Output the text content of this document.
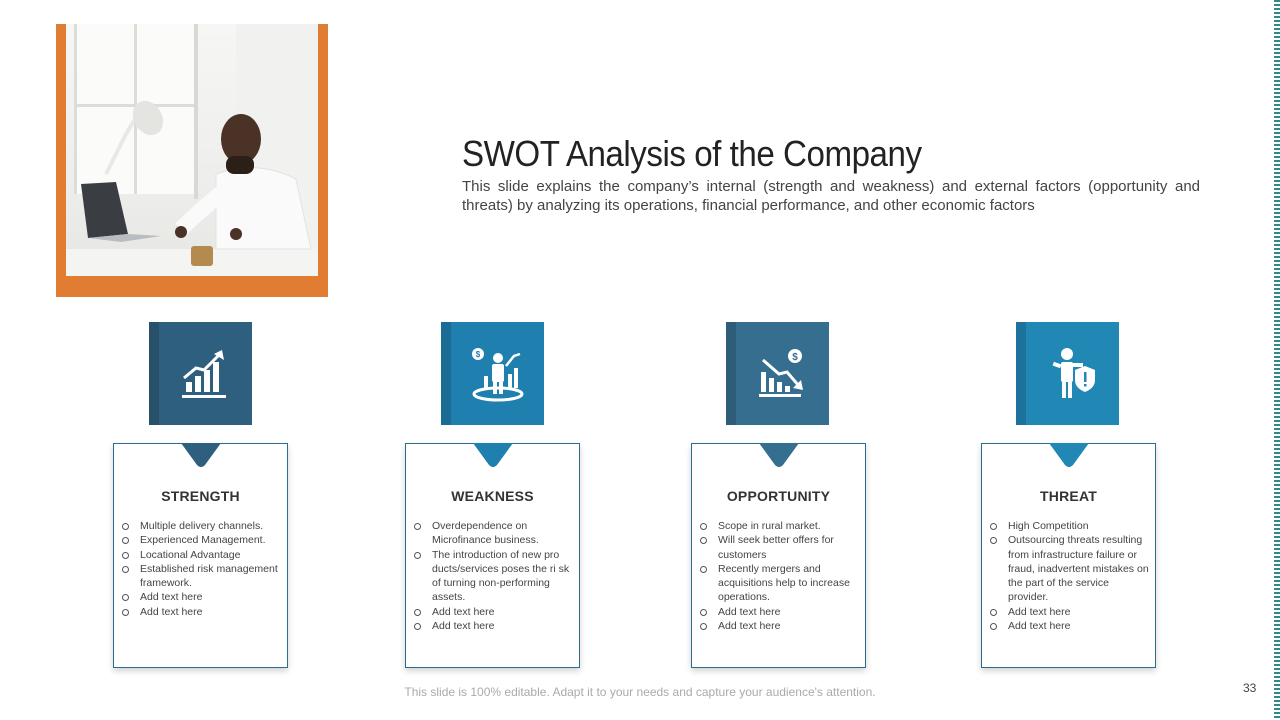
SWOT Analysis of the Company
This slide explains the company’s internal (strength and weakness) and external factors (opportunity and threats) by analyzing its operations, financial performance, and other economic factors
$	$
STRENGTH
Multiple delivery channels.
Experienced Management.
Locational Advantage
Established risk management framework.
Add text here
Add text here
WEAKNESS
Overdependence on Microfinance business.
The introduction of new pro ducts/services poses the ri sk of turning non-performing assets.
Add text here
Add text here
OPPORTUNITY
Scope in rural market.
Will seek better offers for customers
Recently mergers and acquisitions help to increase operations.
Add text here
Add text here
THREAT
High Competition
Outsourcing threats resulting from infrastructure failure or fraud, inadvertent mistakes on the part of the service provider.
Add text here
Add text here
This slide is 100% editable. Adapt it to your needs and capture your audience's attention.	33
